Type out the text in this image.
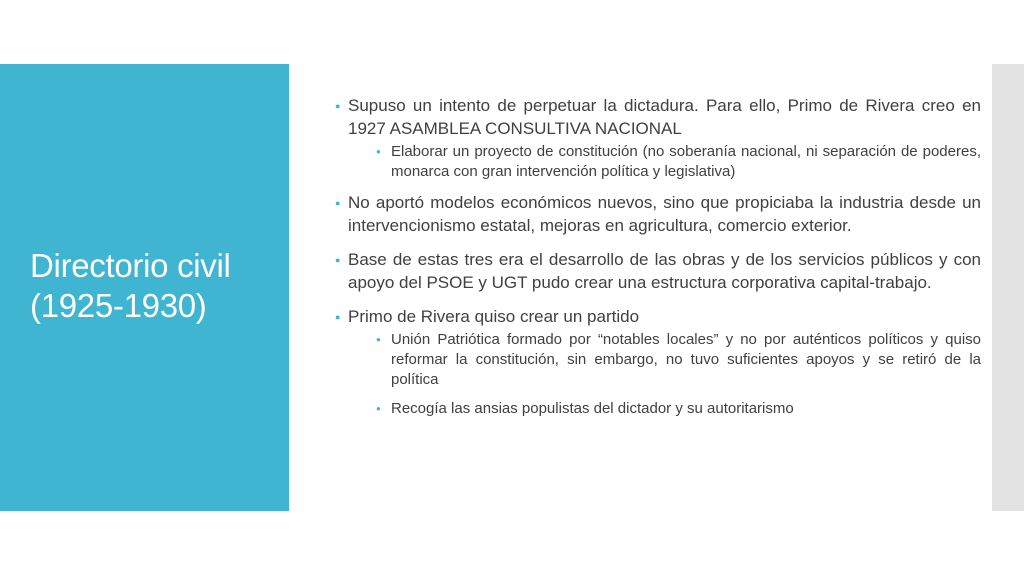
Directorio civil
(1925-1930)
● Supuso un intento de perpetuar la dictadura. Para ello, Primo de Rivera creo en 1927 ASAMBLEA CONSULTIVA NACIONAL
● Elaborar un proyecto de constitución (no soberanía nacional, ni separación de poderes, monarca con gran intervención política y legislativa)
● No aportó modelos económicos nuevos, sino que propiciaba la industria desde un intervencionismo estatal, mejoras en agricultura, comercio exterior.
● Base de estas tres era el desarrollo de las obras y de los servicios públicos y con apoyo del PSOE y UGT pudo crear una estructura corporativa capital-trabajo.
● Primo de Rivera quiso crear un partido
● Unión Patriótica formado por “notables locales” y no por auténticos políticos y quiso reformar la constitución, sin embargo, no tuvo suficientes apoyos y se retiró de la política
● Recogía las ansias populistas del dictador y su autoritarismo
